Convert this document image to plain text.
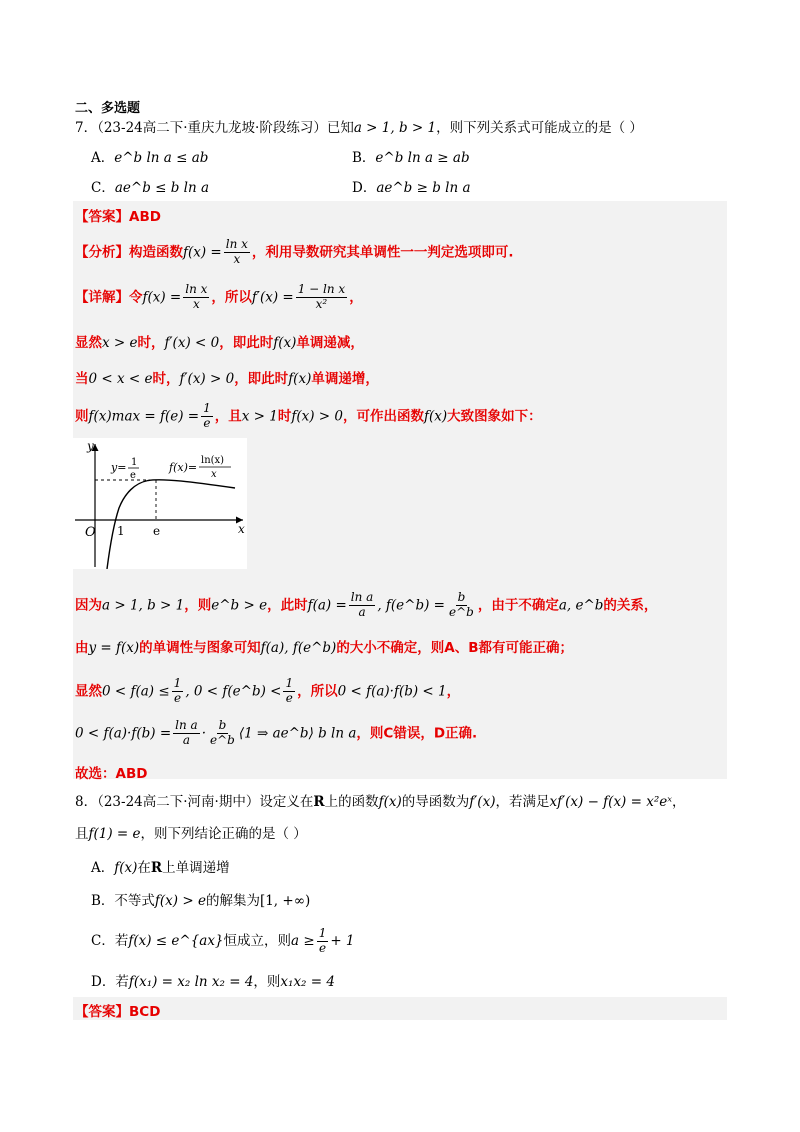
二、多选题
7．（23-24高二下·重庆九龙坡·阶段练习）已知a > 1, b > 1，则下列关系式可能成立的是（ ）
A．e^b ln a ≤ ab	B．e^b ln a ≥ ab
C．ae^b ≤ b ln a	D．ae^b ≥ b ln a
【答案】ABD
【分析】构造函数$f(x) = \frac{\text{ln x}}{x}$ ，利用导数研究其单调性一一判定选项即可.
【详解】令$f(x) = \frac{\text{ln x}}{x}$ ，所以$f'(x) = \frac{\text{1 − ln x}}{\text{x²}}$ ，
显然x > e时，f′(x) < 0，即此时f(x)单调递减，
当0 < x < e时，f′(x) > 0，即此时f(x)单调递增，
则$f(x)\max = f(e) = \frac{1}{e}$ ，且x > 1时f(x) > 0，可作出函数f(x)大致图象如下：
O
y
x
1 e
y= 1
e
f(x)=
ln(x)
x
因为a > 1, b > 1，则e^b > e，此时$f(a) = \frac{\text{ln a}}{a}$ , f(e^b) = $\frac{b}{e\^{}b}$ ，由于不确定a, e^b的关系，
由y = f(x)的单调性与图象可知f(a), f(e^b)的大小不确定，则A、B都有可能正确；
显然$0 < f(a) \le \frac{1}{e}$ , 0 < f(e^b) < $\frac{1}{e}$ ，所以0 < f(a)·f(b) < 1，
$0 < f(a)\cdot f(b) = \frac{\text{ln a}}{a} \cdot \frac{b}{e\^{}b}$ ⟨1 ⇒ ae^b⟩ b ln a，则C错误，D正确.
故选：ABD
8．（23-24高二下·河南·期中）设定义在R上的函数f(x)的导函数为f′(x)，若满足xf′(x) − f(x) = x²eˣ，
且f(1) = e，则下列结论正确的是（ ）
A．f(x)在R上单调递增
B．不等式f(x) > e的解集为[1, +∞)
C．若f(x) ≤ e^{ax}恒成立，则$a \ge \frac{1}{e} + 1$
D．若f(x₁) = x₂ ln x₂ = 4，则x₁x₂ = 4
【答案】BCD
